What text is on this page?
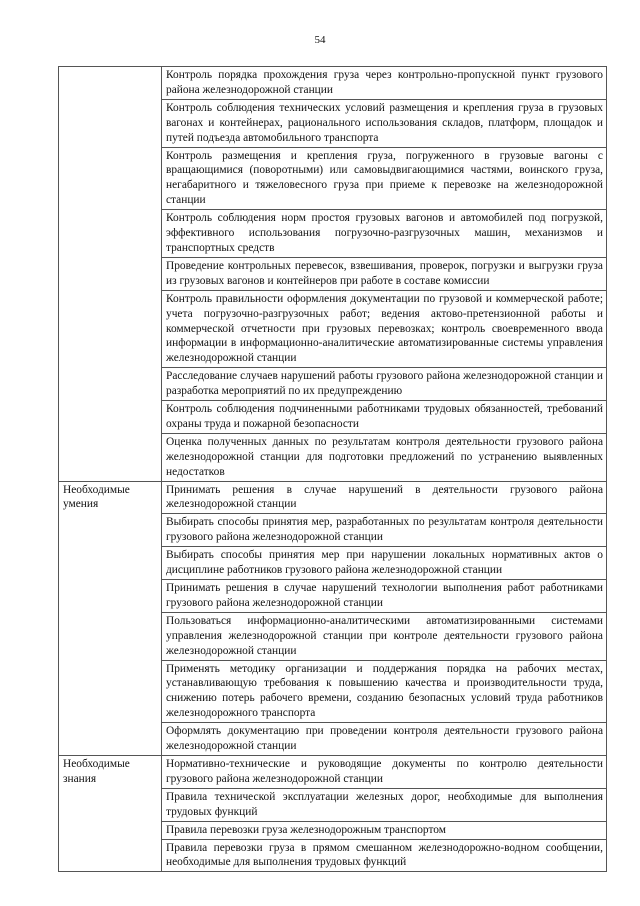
54
	Контроль порядка прохождения груза через контрольно-пропускной пункт грузового района железнодорожной станции
	Контроль соблюдения технических условий размещения и крепления груза в грузовых вагонах и контейнерах, рационального использования складов, платформ, площадок и путей подъезда автомобильного транспорта
	Контроль размещения и крепления груза, погруженного в грузовые вагоны с вращающимися (поворотными) или самовыдвигающимися частями, воинского груза, негабаритного и тяжеловесного груза при приеме к перевозке на железнодорожной станции
	Контроль соблюдения норм простоя грузовых вагонов и автомобилей под погрузкой, эффективного использования погрузочно-разгрузочных машин, механизмов и транспортных средств
	Проведение контрольных перевесок, взвешивания, проверок, погрузки и выгрузки груза из грузовых вагонов и контейнеров при работе в составе комиссии
	Контроль правильности оформления документации по грузовой и коммерческой работе; учета погрузочно-разгрузочных работ; ведения актово-претензионной работы и коммерческой отчетности при грузовых перевозках; контроль своевременного ввода информации в информационно-аналитические автоматизированные системы управления железнодорожной станции
	Расследование случаев нарушений работы грузового района железнодорожной станции и разработка мероприятий по их предупреждению
	Контроль соблюдения подчиненными работниками трудовых обязанностей, требований охраны труда и пожарной безопасности
	Оценка полученных данных по результатам контроля деятельности грузового района железнодорожной станции для подготовки предложений по устранению выявленных недостатков
Необходимые умения	Принимать решения в случае нарушений в деятельности грузового района железнодорожной станции
	Выбирать способы принятия мер, разработанных по результатам контроля деятельности грузового района железнодорожной станции
	Выбирать способы принятия мер при нарушении локальных нормативных актов о дисциплине работников грузового района железнодорожной станции
	Принимать решения в случае нарушений технологии выполнения работ работниками грузового района железнодорожной станции
	Пользоваться информационно-аналитическими автоматизированными системами управления железнодорожной станции при контроле деятельности грузового района железнодорожной станции
	Применять методику организации и поддержания порядка на рабочих местах, устанавливающую требования к повышению качества и производительности труда, снижению потерь рабочего времени, созданию безопасных условий труда работников железнодорожного транспорта
	Оформлять документацию при проведении контроля деятельности грузового района железнодорожной станции
Необходимые знания	Нормативно-технические и руководящие документы по контролю деятельности грузового района железнодорожной станции
	Правила технической эксплуатации железных дорог, необходимые для выполнения трудовых функций
	Правила перевозки груза железнодорожным транспортом
	Правила перевозки груза в прямом смешанном железнодорожно-водном сообщении, необходимые для выполнения трудовых функций
